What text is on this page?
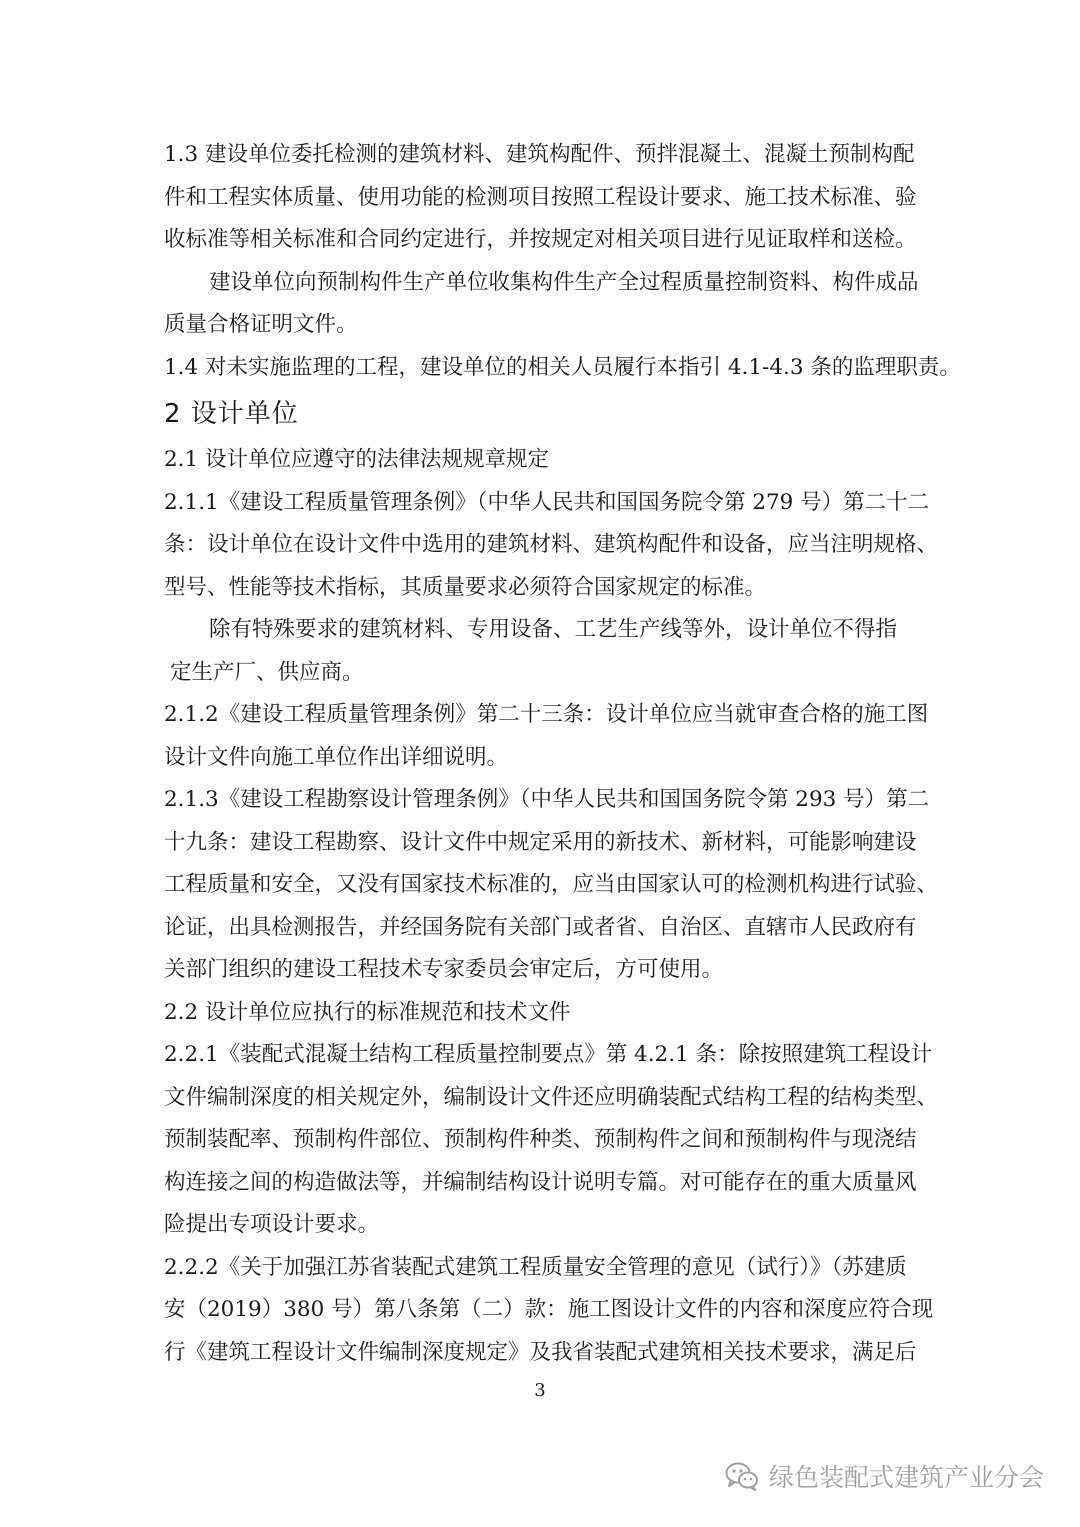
1.3 建设单位委托检测的建筑材料、建筑构配件、预拌混凝土、混凝土预制构配
件和工程实体质量、使用功能的检测项目按照工程设计要求、施工技术标准、验
收标准等相关标准和合同约定进行，并按规定对相关项目进行见证取样和送检。
建设单位向预制构件生产单位收集构件生产全过程质量控制资料、构件成品
质量合格证明文件。
1.4 对未实施监理的工程，建设单位的相关人员履行本指引 4.1-4.3 条的监理职责。
2 设计单位
2.1 设计单位应遵守的法律法规规章规定
2.1.1《建设工程质量管理条例》（中华人民共和国国务院令第 279 号）第二十二
条：设计单位在设计文件中选用的建筑材料、建筑构配件和设备，应当注明规格、
型号、性能等技术指标，其质量要求必须符合国家规定的标准。
除有特殊要求的建筑材料、专用设备、工艺生产线等外，设计单位不得指
定生产厂、供应商。
2.1.2《建设工程质量管理条例》第二十三条：设计单位应当就审查合格的施工图
设计文件向施工单位作出详细说明。
2.1.3《建设工程勘察设计管理条例》（中华人民共和国国务院令第 293 号）第二
十九条：建设工程勘察、设计文件中规定采用的新技术、新材料，可能影响建设
工程质量和安全，又没有国家技术标准的，应当由国家认可的检测机构进行试验、
论证，出具检测报告，并经国务院有关部门或者省、自治区、直辖市人民政府有
关部门组织的建设工程技术专家委员会审定后，方可使用。
2.2 设计单位应执行的标准规范和技术文件
2.2.1《装配式混凝土结构工程质量控制要点》第 4.2.1 条：除按照建筑工程设计
文件编制深度的相关规定外，编制设计文件还应明确装配式结构工程的结构类型、
预制装配率、预制构件部位、预制构件种类、预制构件之间和预制构件与现浇结
构连接之间的构造做法等，并编制结构设计说明专篇。对可能存在的重大质量风
险提出专项设计要求。
2.2.2《关于加强江苏省装配式建筑工程质量安全管理的意见（试行）》（苏建质
安（2019）380 号）第八条第（二）款：施工图设计文件的内容和深度应符合现
行《建筑工程设计文件编制深度规定》及我省装配式建筑相关技术要求，满足后
3
绿色装配式建筑产业分会
